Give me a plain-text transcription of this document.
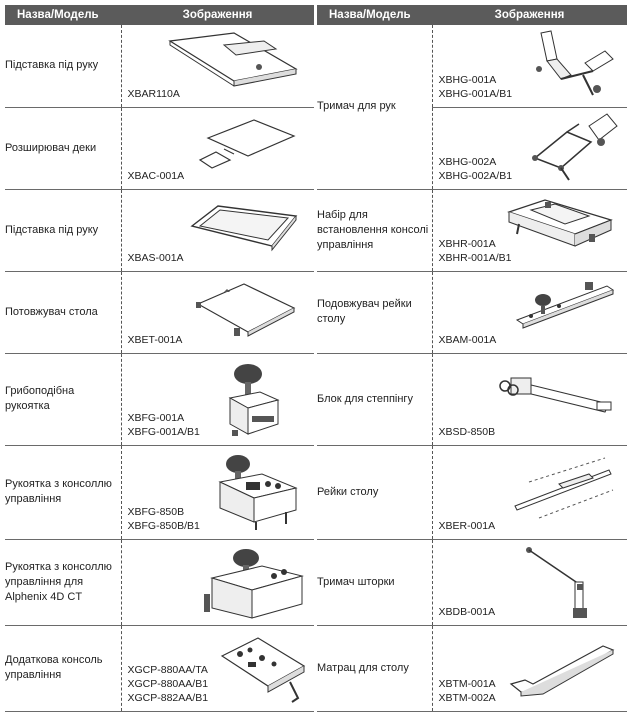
Назва/Модель	Зображення
Підставка під руку	XBAR110A

Розширювач деки	XBAC-001A

Підставка під руку	XBAS-001A

Потовжувач стола	XBET-001A

Грибоподібна рукоятка	XBFG-001A
XBFG-001A/B1

Рукоятка з консоллю управління	XBFG-850B
XBFG-850B/B1

Рукоятка з консоллю управління для Alphenix 4D CT	

Додаткова консоль управління	XGCP-880AA/TA
XGCP-880AA/B1
XGCP-882AA/B1
Назва/Модель	Зображення
Тримач для рук	XBHG-001A
XBHG-001A/B1

	XBHG-002A
XBHG-002A/B1

Набір для встановлення консолі управління	XBHR-001A
XBHR-001A/B1

Подовжувач рейки столу	XBAM-001A

Блок для степпінгу	XBSD-850B

Рейки столу	XBER-001A

Тримач шторки	XBDB-001A

Матрац для столу	XBTM-001A
XBTM-002A
